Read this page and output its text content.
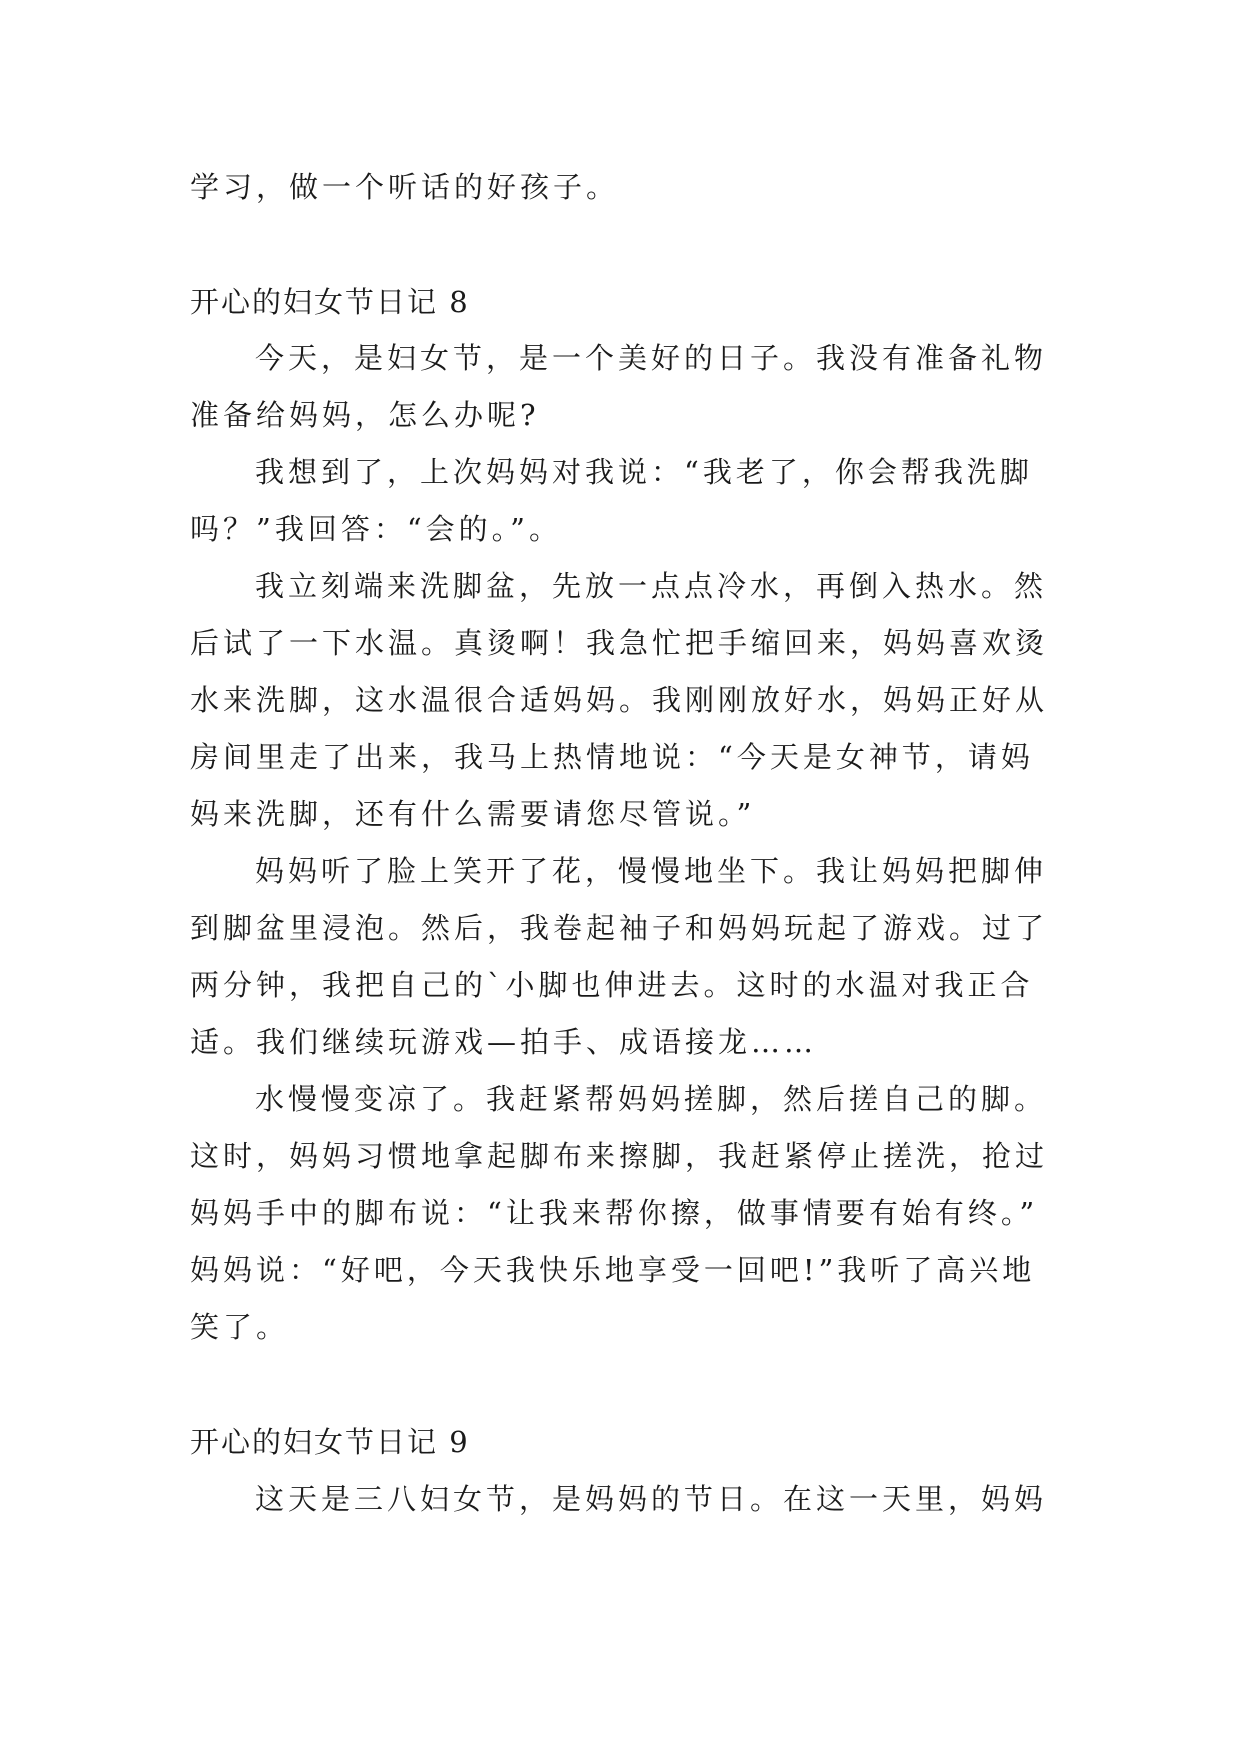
学习，做一个听话的好孩子。
开心的妇女节日记 8
今天，是妇女节，是一个美好的日子。我没有准备礼物
准备给妈妈，怎么办呢?
我想到了，上次妈妈对我说：“我老了，你会帮我洗脚
吗？”我回答：“会的。”。
我立刻端来洗脚盆，先放一点点冷水，再倒入热水。然
后试了一下水温。真烫啊！我急忙把手缩回来，妈妈喜欢烫
水来洗脚，这水温很合适妈妈。我刚刚放好水，妈妈正好从
房间里走了出来，我马上热情地说：“今天是女神节，请妈
妈来洗脚，还有什么需要请您尽管说。”
妈妈听了脸上笑开了花，慢慢地坐下。我让妈妈把脚伸
到脚盆里浸泡。然后，我卷起袖子和妈妈玩起了游戏。过了
两分钟，我把自己的`小脚也伸进去。这时的水温对我正合
适。我们继续玩游戏—拍手、成语接龙……
水慢慢变凉了。我赶紧帮妈妈搓脚，然后搓自己的脚。
这时，妈妈习惯地拿起脚布来擦脚，我赶紧停止搓洗，抢过
妈妈手中的脚布说：“让我来帮你擦，做事情要有始有终。”
妈妈说：“好吧，今天我快乐地享受一回吧!”我听了高兴地
笑了。
开心的妇女节日记 9
这天是三八妇女节，是妈妈的节日。在这一天里，妈妈
